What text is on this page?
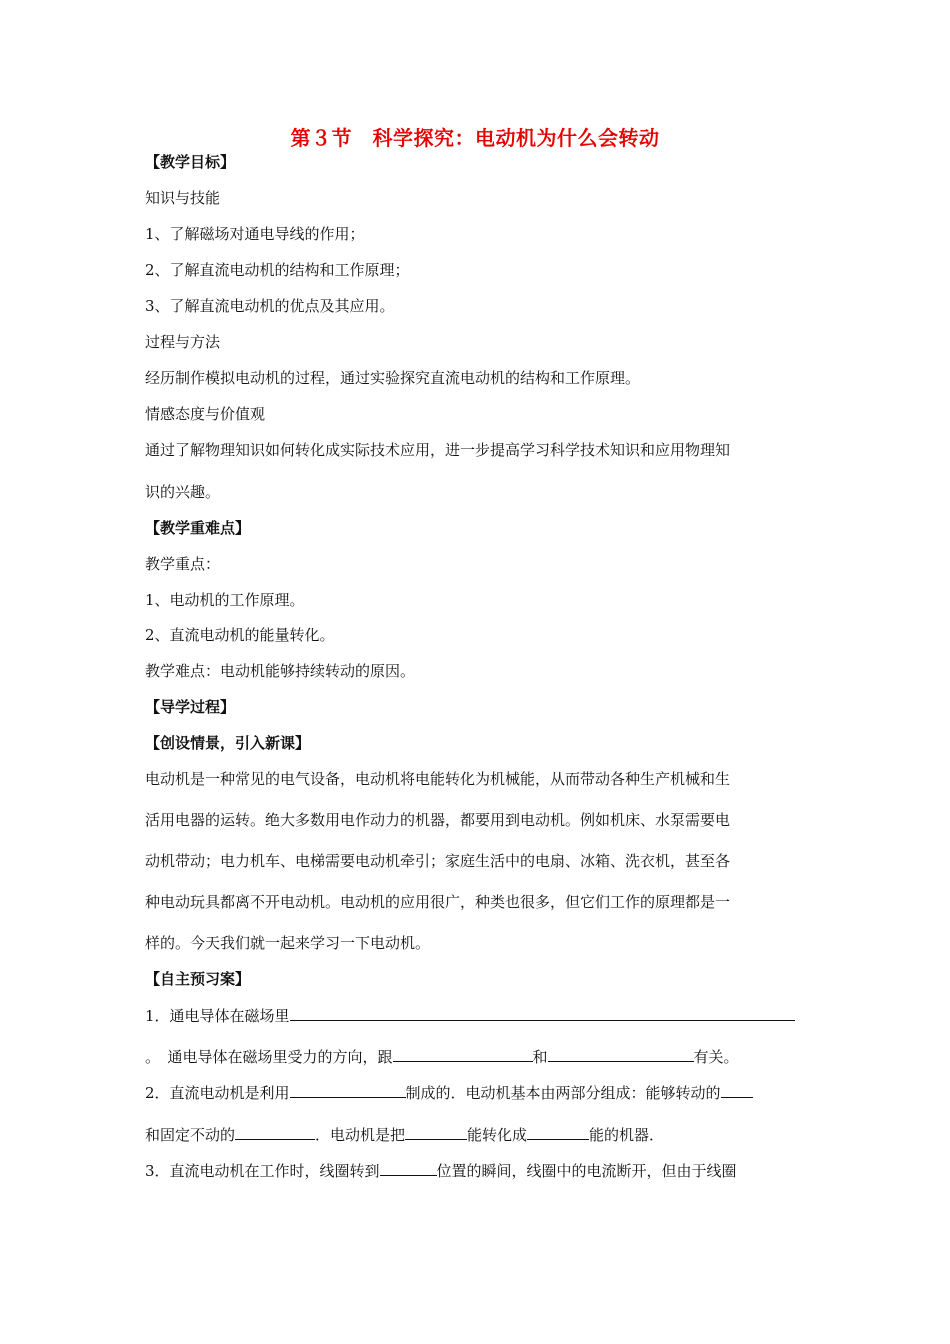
第３节　科学探究：电动机为什么会转动
【教学目标】
知识与技能
1、了解磁场对通电导线的作用；
2、了解直流电动机的结构和工作原理；
3、了解直流电动机的优点及其应用。
过程与方法
经历制作模拟电动机的过程，通过实验探究直流电动机的结构和工作原理。
情感态度与价值观
通过了解物理知识如何转化成实际技术应用，进一步提高学习科学技术知识和应用物理知
识的兴趣。
【教学重难点】
教学重点：
1、电动机的工作原理。
2、直流电动机的能量转化。
教学难点：电动机能够持续转动的原因。
【导学过程】
【创设情景，引入新课】
电动机是一种常见的电气设备，电动机将电能转化为机械能，从而带动各种生产机械和生
活用电器的运转。绝大多数用电作动力的机器，都要用到电动机。例如机床、水泵需要电
动机带动；电力机车、电梯需要电动机牵引；家庭生活中的电扇、冰箱、洗衣机，甚至各
种电动玩具都离不开电动机。电动机的应用很广，种类也很多，但它们工作的原理都是一
样的。今天我们就一起来学习一下电动机。
【自主预习案】
1．通电导体在磁场里
。　通电导体在磁场里受力的方向，跟	和	有关。
2．直流电动机是利用	制成的．电动机基本由两部分组成：能够转动的
和固定不动的	．电动机是把	能转化成	能的机器．
3．直流电动机在工作时，线圈转到	位置的瞬间，线圈中的电流断开，但由于线圈
